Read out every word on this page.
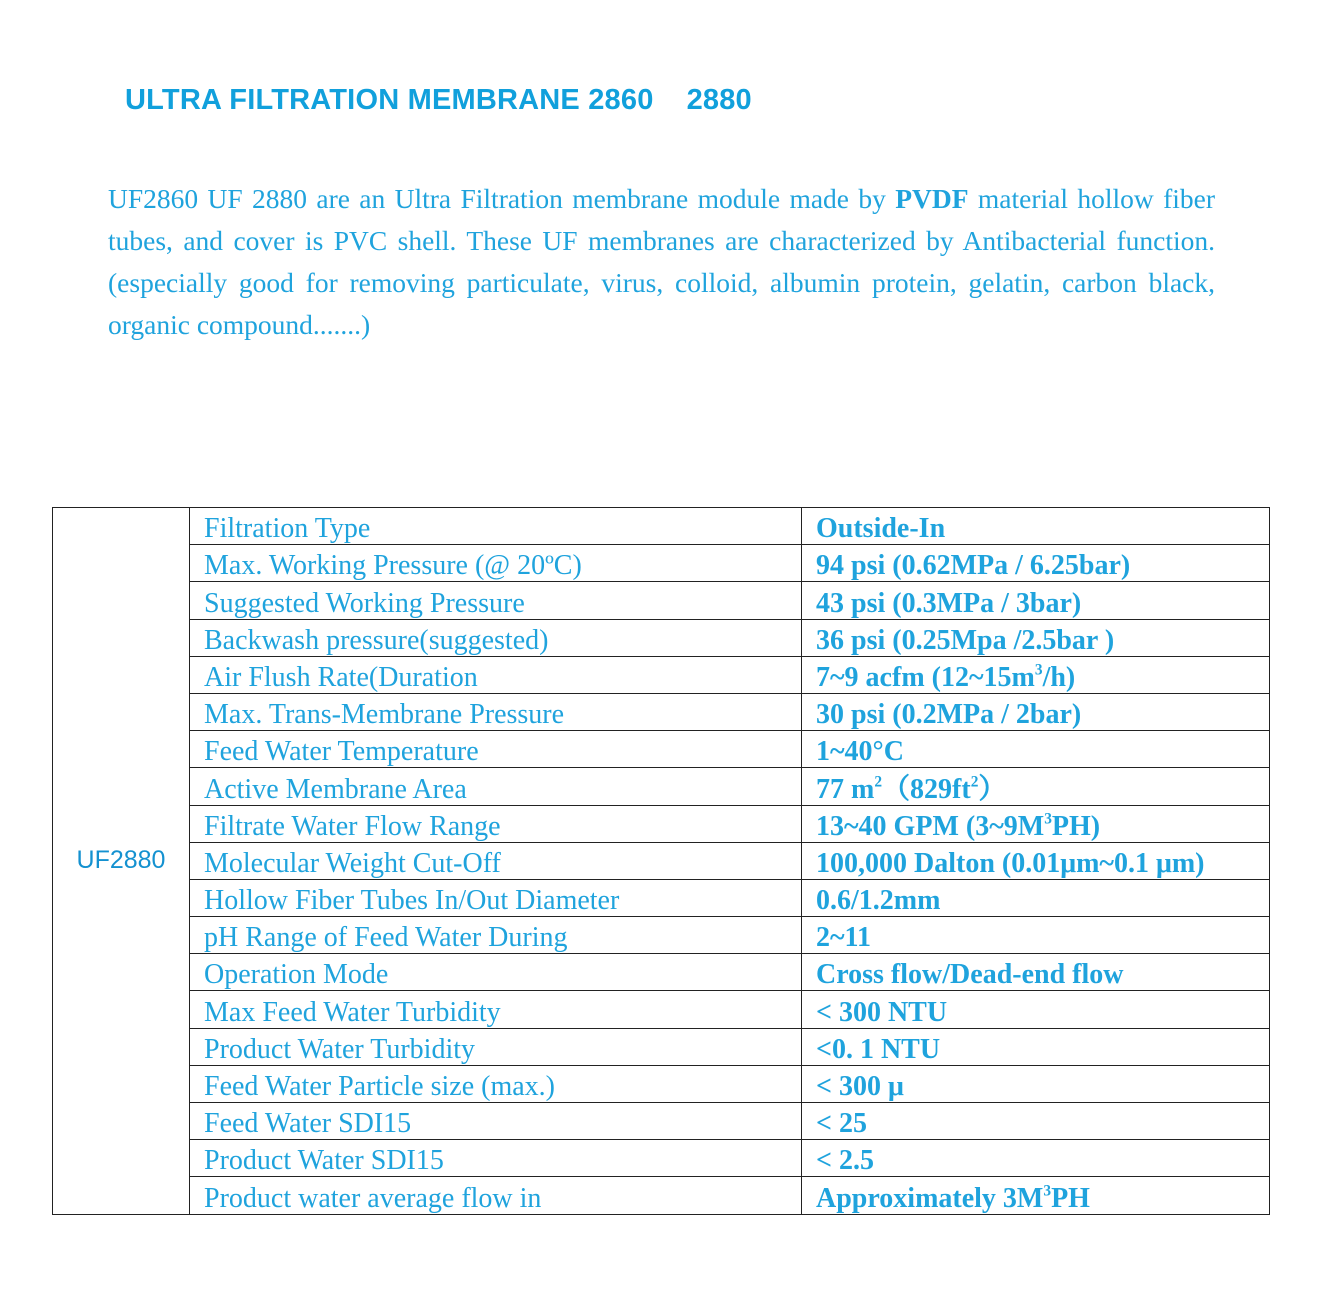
ULTRA FILTRATION MEMBRANE 2860    2880

UF2860 UF 2880 are an Ultra Filtration membrane module made by PVDF material hollow fiber tubes, and cover is PVC shell. These UF membranes are characterized by Antibacterial function.(especially good for removing particulate, virus, colloid, albumin protein, gelatin, carbon black, organic compound.......)

UF2880	Filtration Type	Outside-In
	Max. Working Pressure (@ 20ºC)	94 psi (0.62MPa / 6.25bar)
	Suggested Working Pressure	43 psi (0.3MPa / 3bar)
	Backwash pressure(suggested)	36 psi (0.25Mpa /2.5bar )
	Air Flush Rate(Duration	7~9 acfm $(12\sim 15m^3/h)$
	Max. Trans-Membrane Pressure	30 psi (0.2MPa / 2bar)
	Feed Water Temperature	1~40°C
	Active Membrane Area	77 $m^2(829ft^2)$
	Filtrate Water Flow Range	13~40 GPM $(3\sim 9M^3PH)$
	Molecular Weight Cut-Off	100,000 Dalton (0.01μm~0.1 μm)
	Hollow Fiber Tubes In/Out Diameter	0.6/1.2mm
	pH Range of Feed Water During	2~11
	Operation Mode	Cross flow/Dead-end flow
	Max Feed Water Turbidity	< 300 NTU
	Product Water Turbidity	<0. 1 NTU
	Feed Water Particle size (max.)	< 300 μ
	Feed Water SDI15	< 25
	Product Water SDI15	< 2.5
	Product water average flow in	Approximately $3M^3PH$
